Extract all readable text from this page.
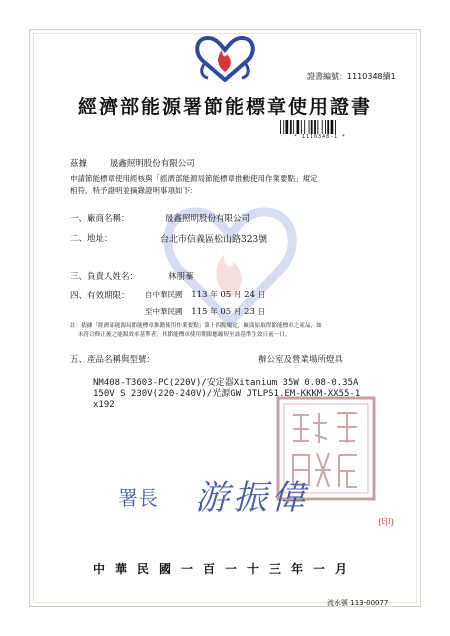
證書編號：1110348續1
經濟部能源署節能標章使用證書
* 1110348-1 *
茲據	晟鑫照明股份有限公司
申請節能標章使用經核與「經濟部能源局節能標章推動使用作業要點」規定
相符，特予證明並摘錄證明事項如下：
一、廠商名稱：	晟鑫照明股份有限公司
二、地址：	台北市信義區松山路323號
三、負責人姓名：	林朋蓁
四、有效期限： 自中華民國 113 年 05 月 24 日
至中華民國 115 年 05 月 23 日
註：依據「經濟部能源局節能標章推動使用作業要點」第十四點規定，廠商原取得節能標章之產品，如
未符合修正後之能源效率基準者，其節能標章使用期限應縮短至該基準生效日前一日。
五、產品名稱與型號：	辦公室及營業場所燈具
NM408-T3603-PC(220V)/安定器Xitanium 35W 0.08-0.35A
150V S 230V(220-240V)/光源GW JTLPS1.EM-KKKM-XX55-1
x192
署長 游振偉
(印)
中華民國一百一十三年一月
流水號 113-00077
